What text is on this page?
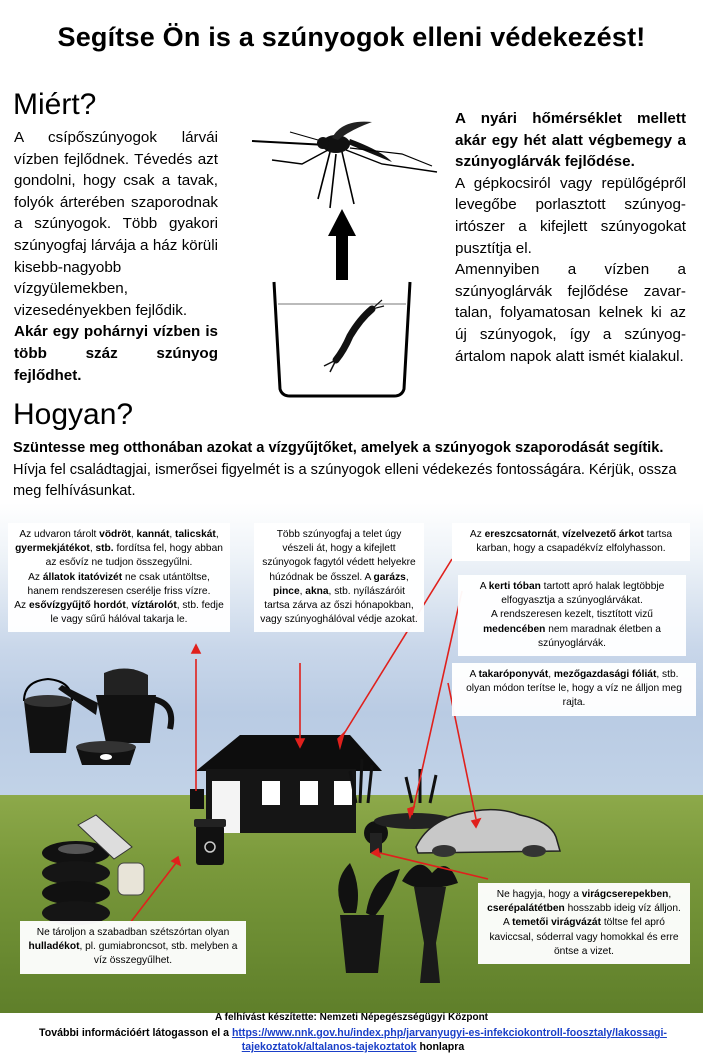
Segítse Ön is a szúnyogok elleni védekezést!
Miért?

A csípőszúnyogok lárvái vízben fejlődnek. Tévedés azt gondolni, hogy csak a tavak, folyók árterében szaporodnak a szúnyogok. Több gyakori szúnyogfaj lárvája a ház körüli kisebb-nagyobb vízgyülemekben, vizesedényekben fejlődik.

Akár egy pohárnyi vízben is több száz szúnyog fejlődhet.

A nyári hőmérséklet mellett akár egy hét alatt végbemegy a szúnyoglárvák fejlődése.

A gépkocsiról vagy repülőgépről levegőbe porlasztott szúnyog-irtószer a kifejlett szúnyogokat pusztítja el.

Amennyiben a vízben a szúnyoglárvák fejlődése zavar-talan, folyamatosan kelnek ki az új szúnyogok, így a szúnyog-ártalom napok alatt ismét kialakul.

Hogyan?
Szüntesse meg otthonában azokat a vízgyűjtőket, amelyek a szúnyogok szaporodását segítik.
Hívja fel családtagjai, ismerősei figyelmét is a szúnyogok elleni védekezés fontosságára. Kérjük, ossza meg felhívásunkat.
Az udvaron tárolt vödröt, kannát, talicskát, gyermekjátékot, stb. fordítsa fel, hogy abban az esővíz ne tudjon összegyűlni.
Az állatok itatóvizét ne csak utántöltse, hanem rendszeresen cserélje friss vízre.
Az esővízgyűjtő hordót, víztárolót, stb. fedje le vagy sűrű hálóval takarja le.
Több szúnyogfaj a telet úgy vészeli át, hogy a kifejlett szúnyogok fagytól védett helyekre húzódnak be ősszel. A garázs, pince, akna, stb. nyílászáróit tartsa zárva az őszi hónapokban, vagy szúnyoghálóval védje azokat.
Az ereszcsatornát, vízelvezető árkot tartsa karban, hogy a csapadékvíz elfolyhasson.
A kerti tóban tartott apró halak legtöbbje elfogyasztja a szúnyoglárvákat.
A rendszeresen kezelt, tisztított vizű medencében nem maradnak életben a szúnyoglárvák.
A takaróponyvát, mezőgazdasági fóliát, stb. olyan módon terítse le, hogy a víz ne álljon meg rajta.
Ne tároljon a szabadban szétszórtan olyan hulladékot, pl. gumiabroncsot, stb. melyben a víz összegyűlhet.
Ne hagyja, hogy a virágcserepekben, cserépalátétben hosszabb ideig víz álljon. A temetői virágvázát töltse fel apró kaviccsal, sóderral vagy homokkal és erre öntse a vizet.
A felhívást készítette: Nemzeti Népegészségügyi Központ
További információért látogasson el a https://www.nnk.gov.hu/index.php/jarvanyugyi-es-infekciokontroll-foosztaly/lakossagi-tajekoztatok/altalanos-tajekoztatok honlapra
